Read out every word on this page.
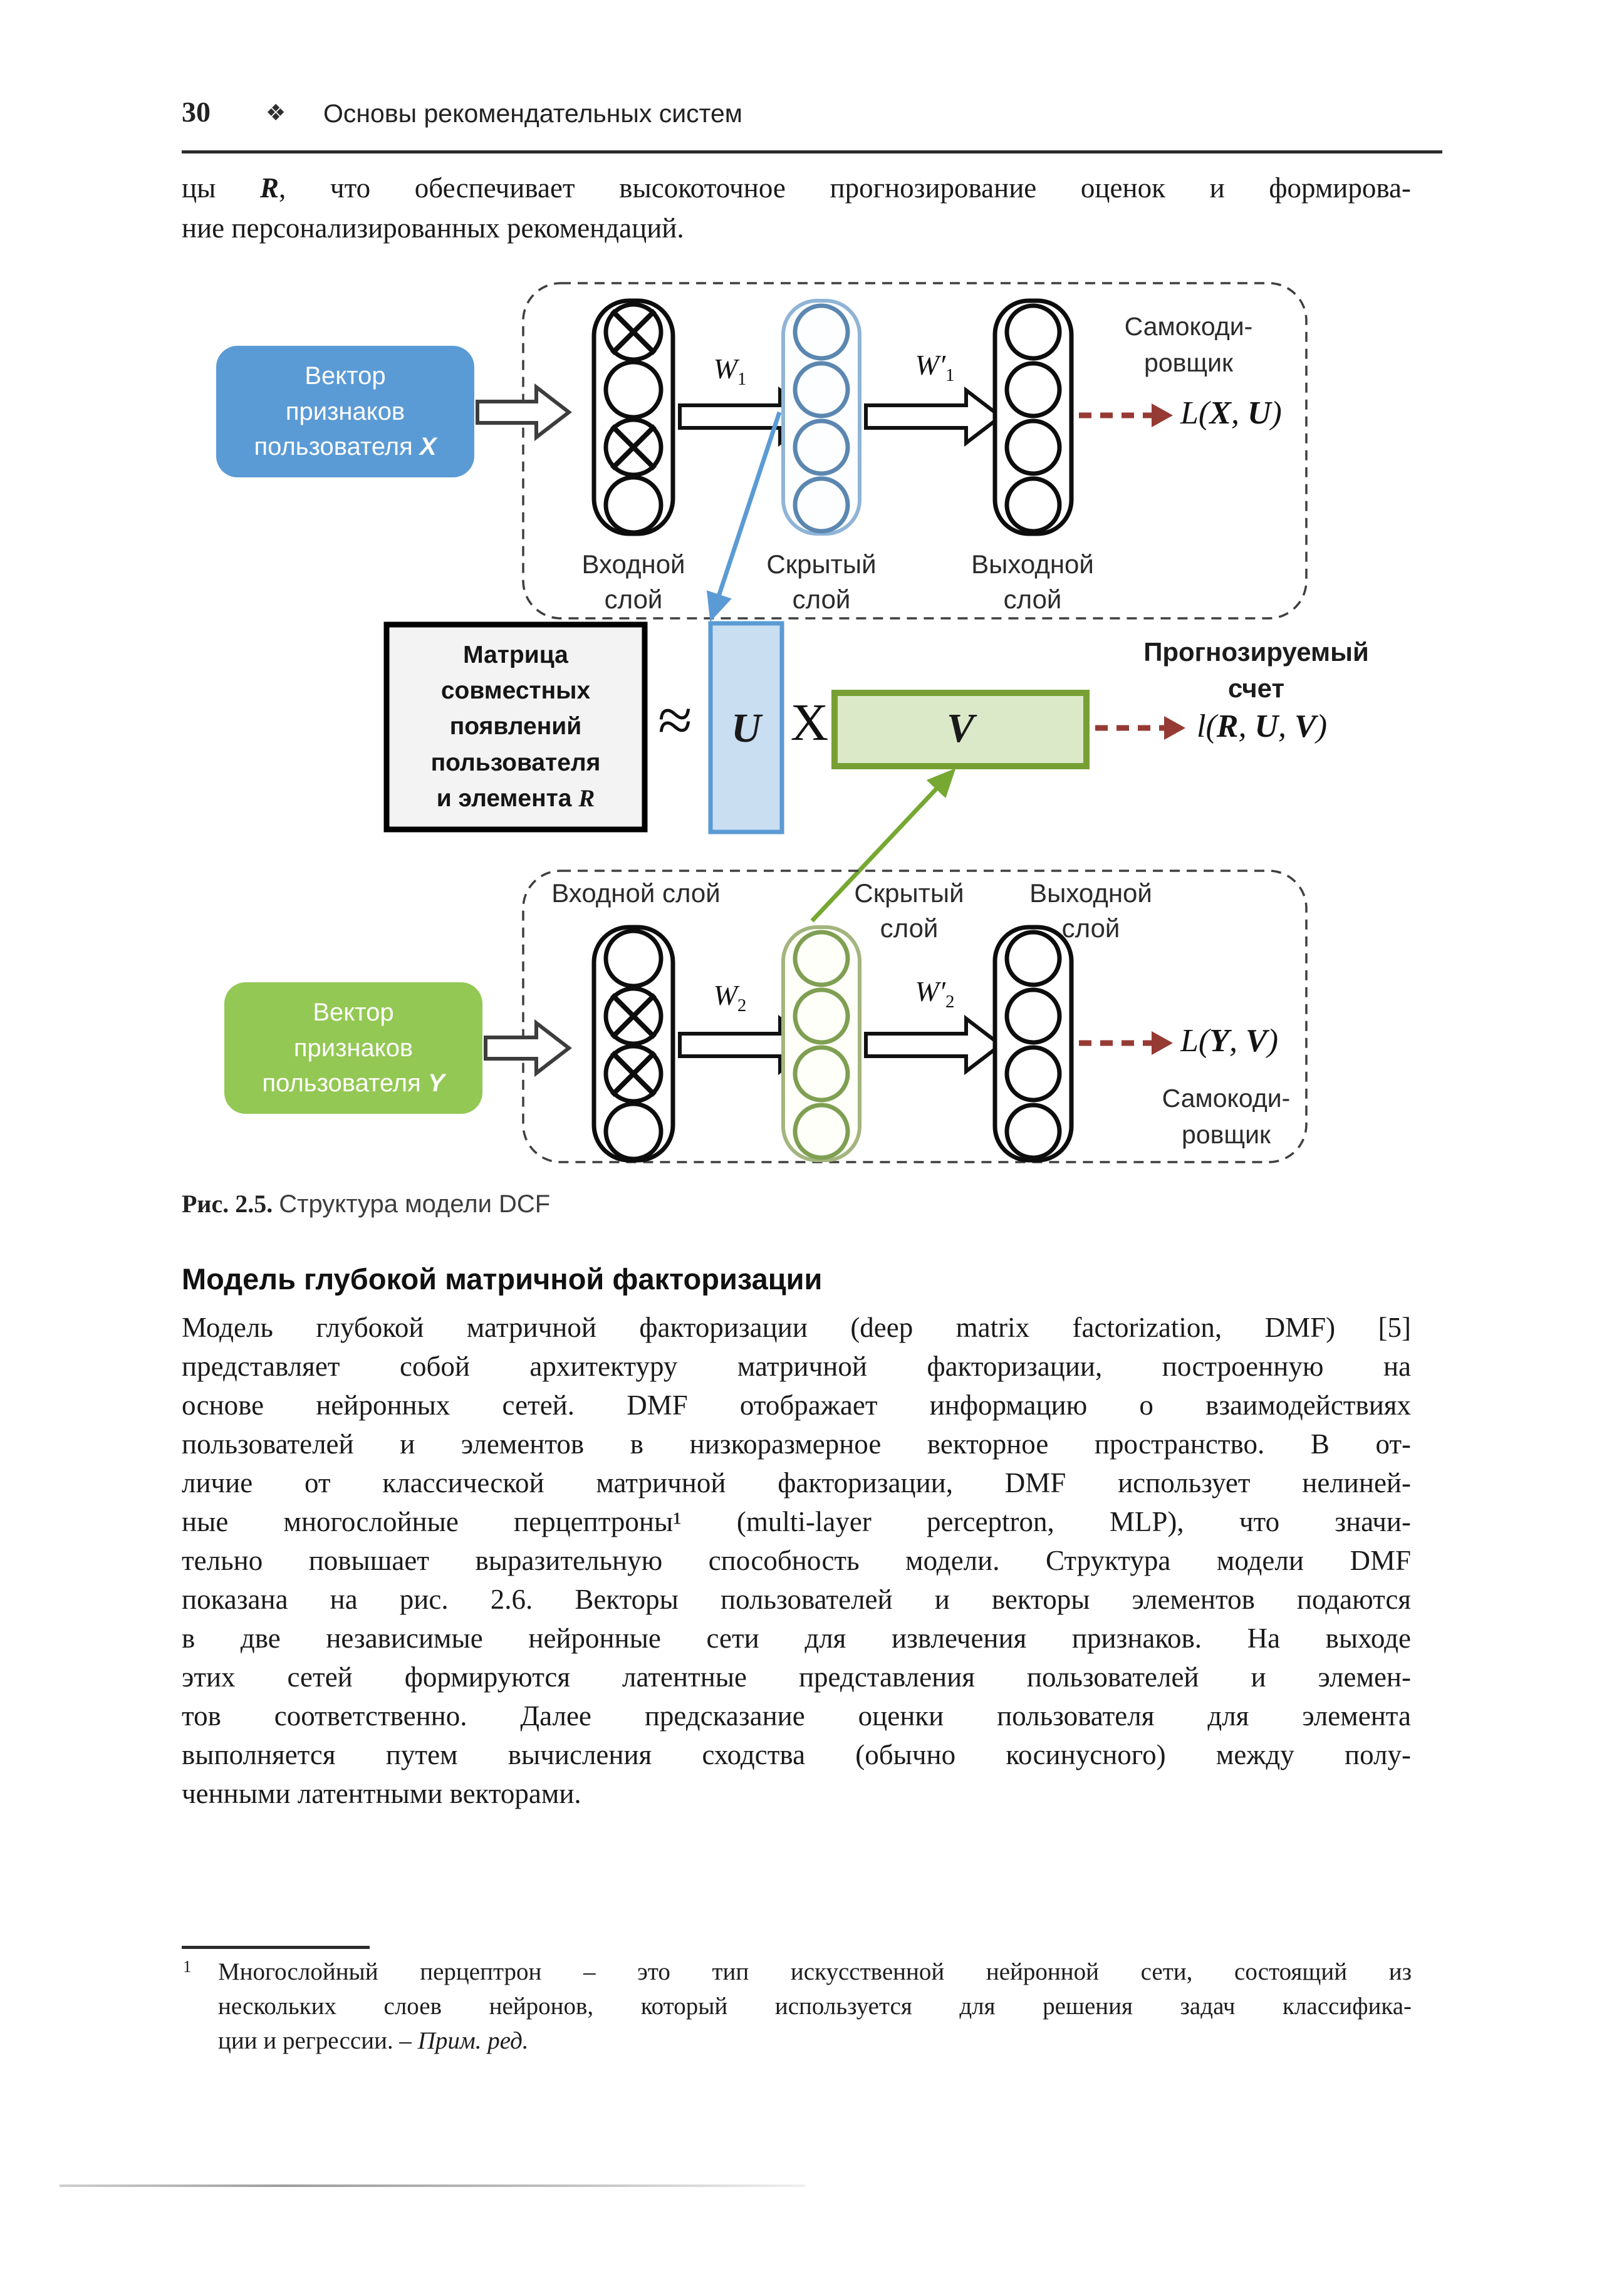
30 ❖ Основы рекомендательных систем
цы R, что обеспечивает высокоточное прогнозирование оценок и формирова-
ние персонализированных рекомендаций.
Вектор
признаков
пользователя X
$W_1$	$W'_1$
Самокоди-
ровщик
L(X, U)
Входной
слой
Скрытый
слой
Выходной
слой
Матрица
совместных
появлений
пользователя
и элемента R
≈ U Χ	V	l(R, U, V)
Прогнозируемый
счет
Входной слой	Скрытый
слой
Выходной
слой
Вектор
признаков
пользователя Y
$W_2$	$W'_2$
L(Y, V)
Самокоди-
ровщик
Рис. 2.5. Структура модели DCF
Модель глубокой матричной факторизации
Модель глубокой матричной факторизации (deep matrix factorization, DMF) [5]
представляет собой архитектуру матричной факторизации, построенную на
основе нейронных сетей. DMF отображает информацию о взаимодействиях
пользователей и элементов в низкоразмерное векторное пространство. В от-
личие от классической матричной факторизации, DMF использует нелиней-
ные многослойные перцептроны¹ (multi-layer perceptron, MLP), что значи-
тельно повышает выразительную способность модели. Структура модели DMF
показана на рис. 2.6. Векторы пользователей и векторы элементов подаются
в две независимые нейронные сети для извлечения признаков. На выходе
этих сетей формируются латентные представления пользователей и элемен-
тов соответственно. Далее предсказание оценки пользователя для элемента
выполняется путем вычисления сходства (обычно косинусного) между полу-
ченными латентными векторами.
1 Многослойный перцептрон – это тип искусственной нейронной сети, состоящий из
нескольких слоев нейронов, который используется для решения задач классифика-
ции и регрессии. – Прим. ред.
